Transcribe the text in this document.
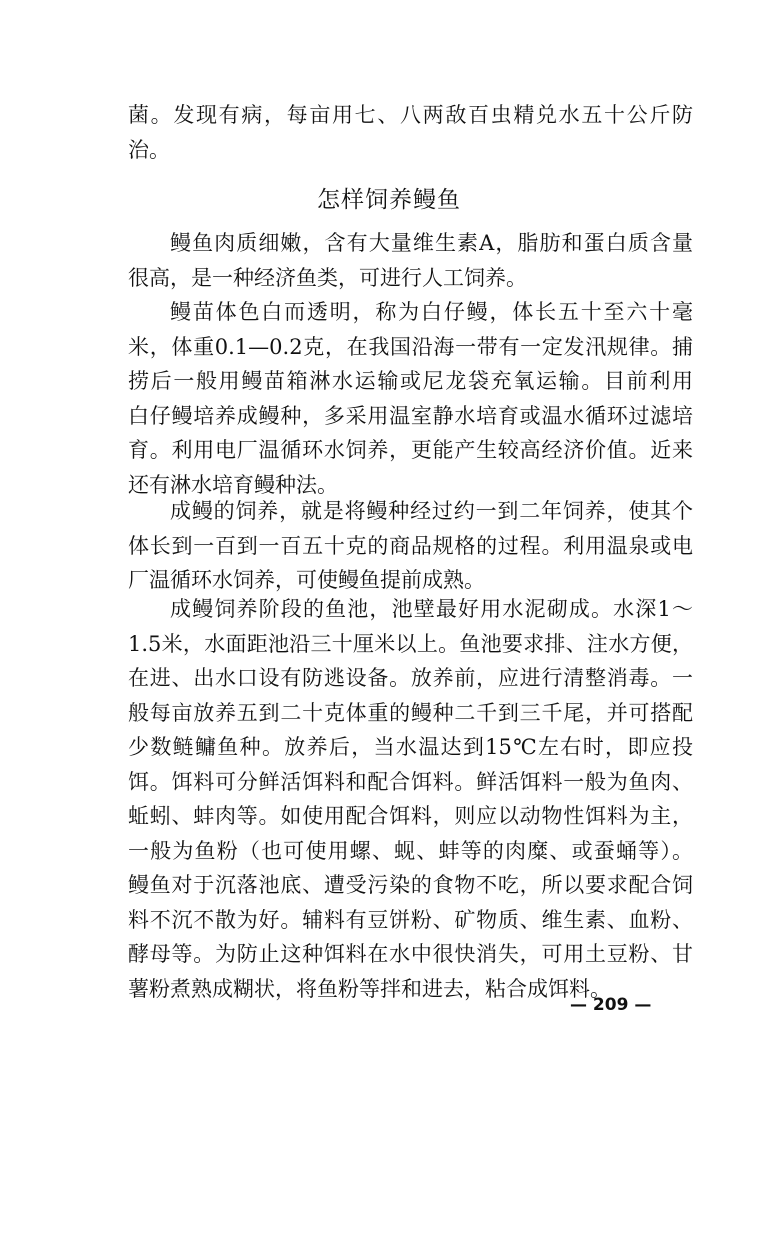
菌。发现有病，每亩用七、八两敌百虫精兑水五十公斤防
治。
怎样饲养鳗鱼
鳗鱼肉质细嫩，含有大量维生素A，脂肪和蛋白质含量
很高，是一种经济鱼类，可进行人工饲养。
鳗苗体色白而透明，称为白仔鳗，体长五十至六十毫
米，体重0.1—0.2克，在我国沿海一带有一定发汛规律。捕
捞后一般用鳗苗箱淋水运输或尼龙袋充氧运输。目前利用
白仔鳗培养成鳗种，多采用温室静水培育或温水循环过滤培
育。利用电厂温循环水饲养，更能产生较高经济价值。近来
还有淋水培育鳗种法。
成鳗的饲养，就是将鳗种经过约一到二年饲养，使其个
体长到一百到一百五十克的商品规格的过程。利用温泉或电
厂温循环水饲养，可使鳗鱼提前成熟。
成鳗饲养阶段的鱼池，池壁最好用水泥砌成。水深1～
1.5米，水面距池沿三十厘米以上。鱼池要求排、注水方便，
在进、出水口设有防逃设备。放养前，应进行清整消毒。一
般每亩放养五到二十克体重的鳗种二千到三千尾，并可搭配
少数鲢鳙鱼种。放养后，当水温达到15℃左右时，即应投
饵。饵料可分鲜活饵料和配合饵料。鲜活饵料一般为鱼肉、
蚯蚓、蚌肉等。如使用配合饵料，则应以动物性饵料为主，
一般为鱼粉（也可使用螺、蚬、蚌等的肉糜、或蚕蛹等）。
鳗鱼对于沉落池底、遭受污染的食物不吃，所以要求配合饲
料不沉不散为好。辅料有豆饼粉、矿物质、维生素、血粉、
酵母等。为防止这种饵料在水中很快消失，可用土豆粉、甘
薯粉煮熟成糊状，将鱼粉等拌和进去，粘合成饵料。
— 209 —
